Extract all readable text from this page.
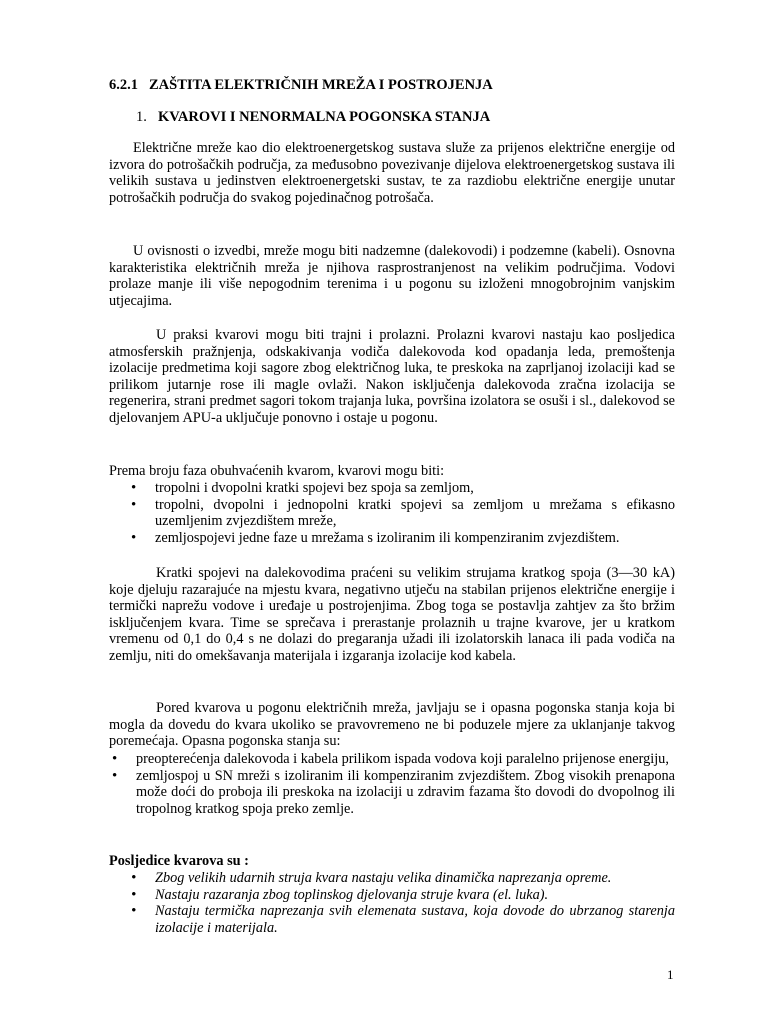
6.2.1 ZAŠTITA ELEKTRIČNIH MREŽA I POSTROJENJA
1. KVAROVI I NENORMALNA POGONSKA STANJA

Električne mreže kao dio elektroenergetskog sustava služe za prijenos električne energije od izvora do potrošačkih područja, za međusobno povezivanje dijelova elektroenergetskog sustava ili velikih sustava u jedinstven elektroenergetski sustav, te za razdiobu električne energije unutar potrošačkih područja do svakog pojedinačnog potrošača.

U ovisnosti o izvedbi, mreže mogu biti nadzemne (dalekovodi) i podzemne (kabeli). Osnovna karakteristika električnih mreža je njihova rasprostranjenost na velikim područjima. Vodovi prolaze manje ili više nepogodnim terenima i u pogonu su izloženi mnogobrojnim vanjskim utjecajima.

U praksi kvarovi mogu biti trajni i prolazni. Prolazni kvarovi nastaju kao posljedica atmosferskih pražnjenja, odskakivanja vodiča dalekovoda kod opadanja leda, premoštenja izolacije predmetima koji sagore zbog električnog luka, te preskoka na zaprljanoj izolaciji kad se prilikom jutarnje rose ili magle ovlaži. Nakon isključenja dalekovoda zračna izolacija se regenerira, strani predmet sagori tokom trajanja luka, površina izolatora se osuši i sl., dalekovod se djelovanjem APU-a uključuje ponovno i ostaje u pogonu.

Prema broju faza obuhvaćenih kvarom, kvarovi mogu biti:

• tropolni i dvopolni kratki spojevi bez spoja sa zemljom,
• tropolni, dvopolni i jednopolni kratki spojevi sa zemljom u mrežama s efikasno uzemljenim zvjezdištem mreže,
• zemljospojevi jedne faze u mrežama s izoliranim ili kompenziranim zvjezdištem.

Kratki spojevi na dalekovodima praćeni su velikim strujama kratkog spoja (3—30 kA) koje djeluju razarajuće na mjestu kvara, negativno utječu na stabilan prijenos električne energije i termički naprežu vodove i uređaje u postrojenjima. Zbog toga se postavlja zahtjev za što bržim isključenjem kvara. Time se sprečava i prerastanje prolaznih u trajne kvarove, jer u kratkom vremenu od 0,1 do 0,4 s ne dolazi do pregaranja užadi ili izolatorskih lanaca ili pada vodiča na zemlju, niti do omekšavanja materijala i izgaranja izolacije kod kabela.

Pored kvarova u pogonu električnih mreža, javljaju se i opasna pogonska stanja koja bi mogla da dovedu do kvara ukoliko se pravovremeno ne bi poduzele mjere za uklanjanje takvog poremećaja. Opasna pogonska stanja su:

• preopterećenja dalekovoda i kabela prilikom ispada vodova koji paralelno prijenose energiju,
• zemljospoj u SN mreži s izoliranim ili kompenziranim zvjezdištem. Zbog visokih prenapona može doći do proboja ili preskoka na izolaciji u zdravim fazama što dovodi do dvopolnog ili tropolnog kratkog spoja preko zemlje.
Posljedice kvarova su :
• Zbog velikih udarnih struja kvara nastaju velika dinamička naprezanja opreme.
• Nastaju razaranja zbog toplinskog djelovanja struje kvara (el. luka).
• Nastaju termička naprezanja svih elemenata sustava, koja dovode do ubrzanog starenja izolacije i materijala.
1
